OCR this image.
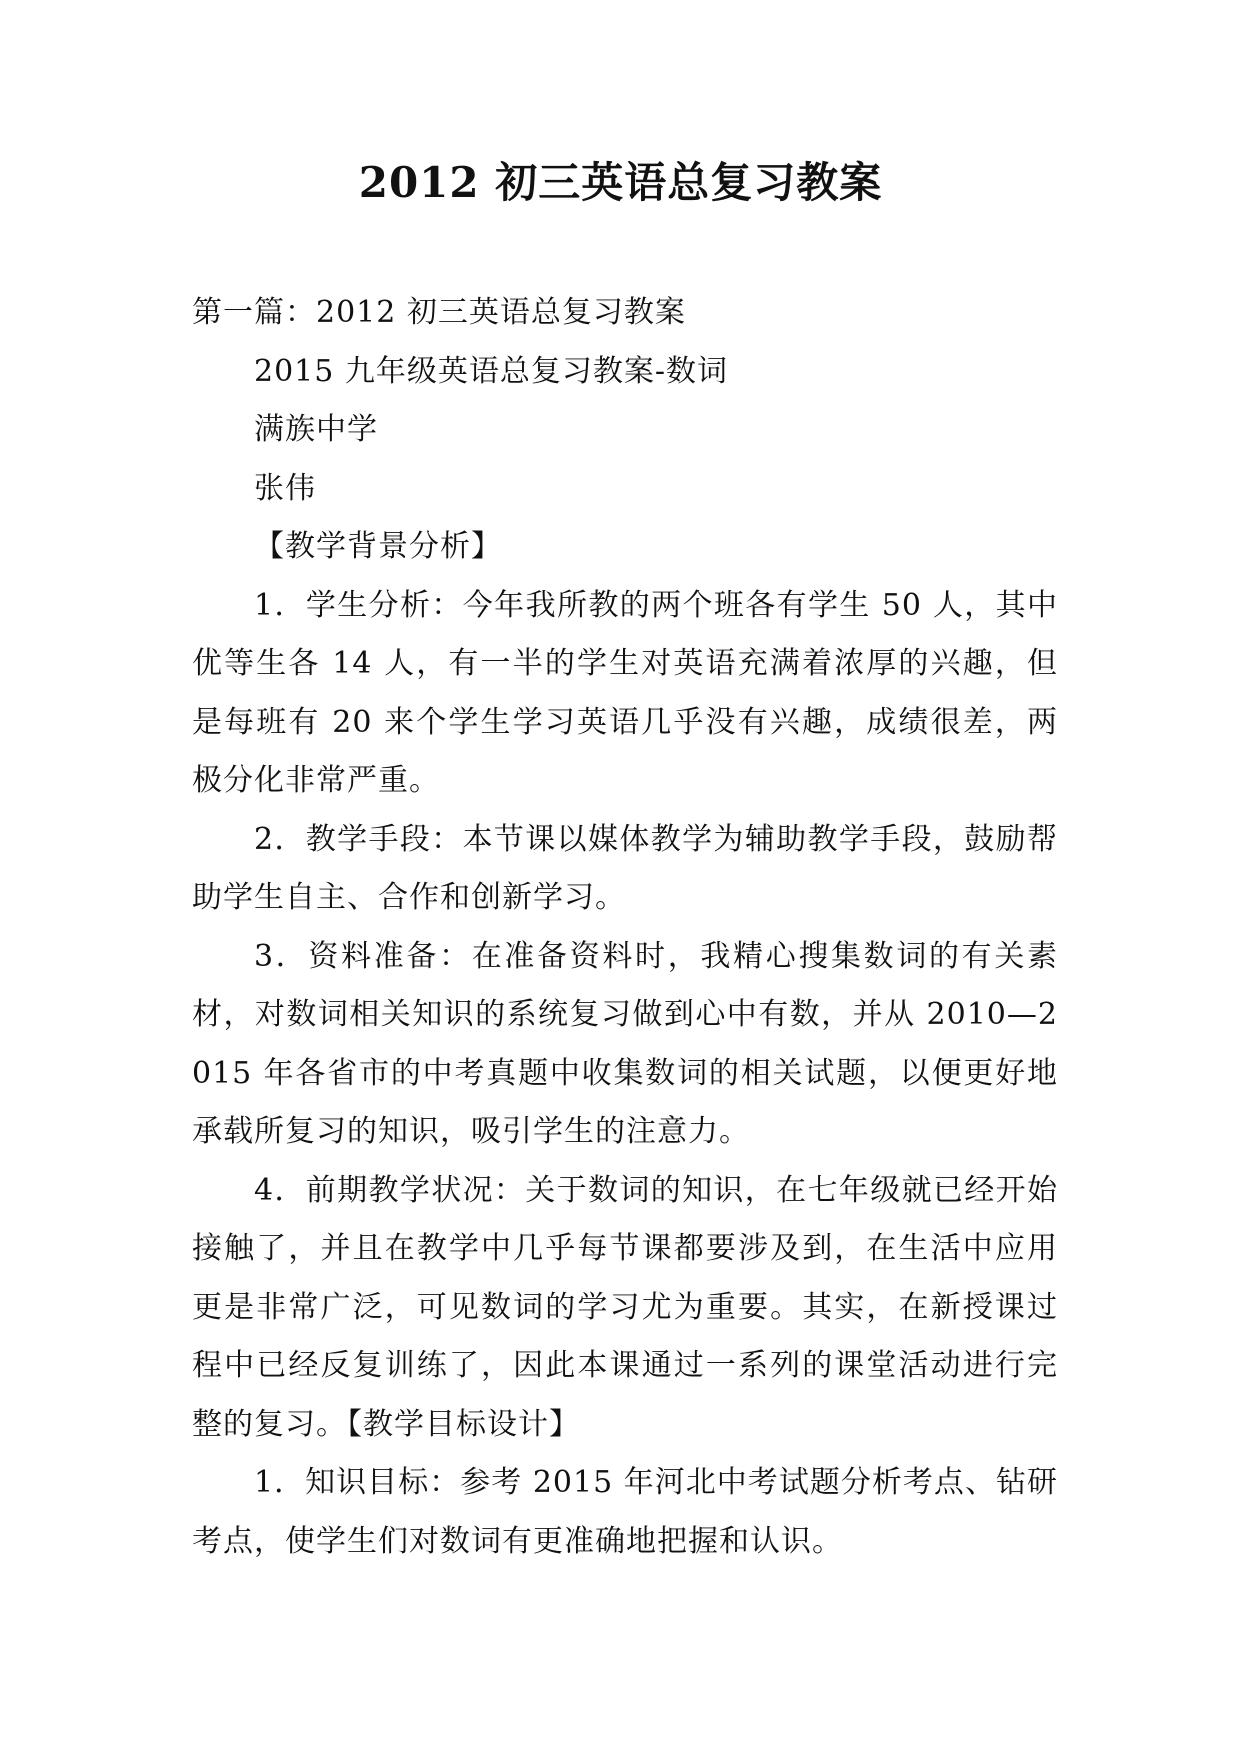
2012 初三英语总复习教案

第一篇：2012 初三英语总复习教案

2015 九年级英语总复习教案-数词

满族中学

张伟

【教学背景分析】

1．学生分析：今年我所教的两个班各有学生 50 人，其中优等生各 14 人，有一半的学生对英语充满着浓厚的兴趣，但是每班有 20 来个学生学习英语几乎没有兴趣，成绩很差，两极分化非常严重。

2．教学手段：本节课以媒体教学为辅助教学手段，鼓励帮助学生自主、合作和创新学习。

3．资料准备：在准备资料时，我精心搜集数词的有关素材，对数词相关知识的系统复习做到心中有数，并从 2010—2015 年各省市的中考真题中收集数词的相关试题，以便更好地承载所复习的知识，吸引学生的注意力。

4．前期教学状况：关于数词的知识，在七年级就已经开始接触了，并且在教学中几乎每节课都要涉及到，在生活中应用更是非常广泛，可见数词的学习尤为重要。其实，在新授课过程中已经反复训练了，因此本课通过一系列的课堂活动进行完整的复习。【教学目标设计】

1．知识目标：参考 2015 年河北中考试题分析考点、钻研考点，使学生们对数词有更准确地把握和认识。
